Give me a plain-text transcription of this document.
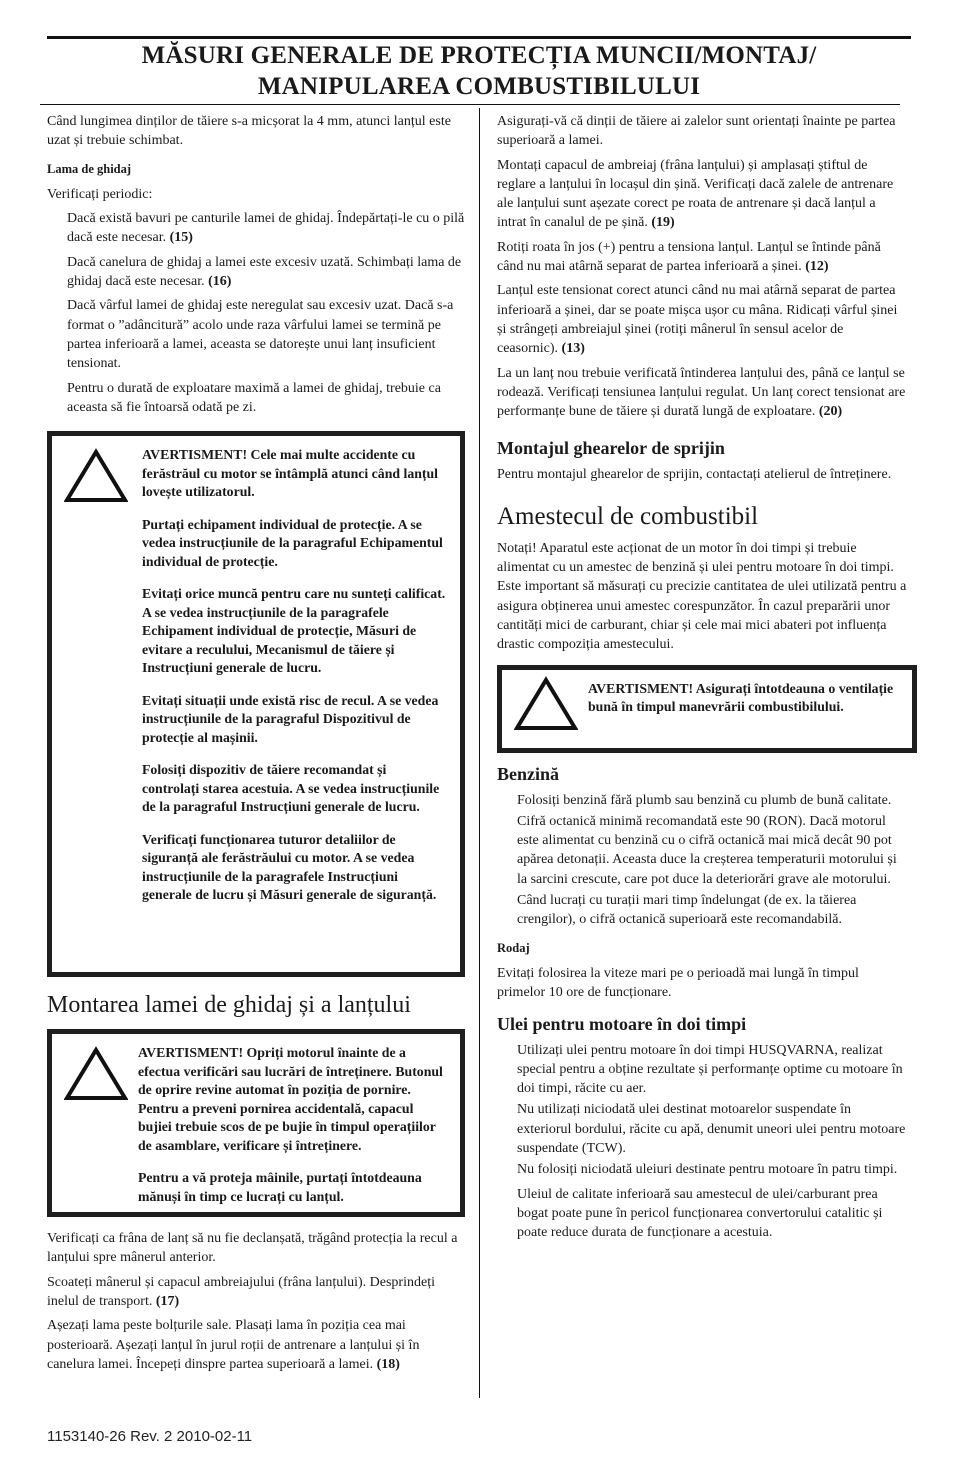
MĂSURI GENERALE DE PROTECȚIA MUNCII/MONTAJ/
MANIPULAREA COMBUSTIBILULUI

Când lungimea dinților de tăiere s-a micșorat la 4 mm, atunci lanțul este uzat și trebuie schimbat.

Lama de ghidaj

Verificați periodic:

Dacă există bavuri pe canturile lamei de ghidaj. Îndepărtați-le cu o pilă dacă este necesar. (15)

Dacă canelura de ghidaj a lamei este excesiv uzată. Schimbați lama de ghidaj dacă este necesar. (16)

Dacă vârful lamei de ghidaj este neregulat sau excesiv uzat. Dacă s-a format o ”adâncitură” acolo unde raza vârfului lamei se termină pe partea inferioară a lamei, aceasta se datorește unui lanț insuficient tensionat.

Pentru o durată de exploatare maximă a lamei de ghidaj, trebuie ca aceasta să fie întoarsă odată pe zi.

AVERTISMENT! Cele mai multe accidente cu ferăstrăul cu motor se întâmplă atunci când lanțul lovește utilizatorul.

Purtați echipament individual de protecție. A se vedea instrucțiunile de la paragraful Echipamentul individual de protecție.

Evitați orice muncă pentru care nu sunteți calificat. A se vedea instrucțiunile de la paragrafele Echipament individual de protecție, Măsuri de evitare a reculului, Mecanismul de tăiere și Instrucțiuni generale de lucru.

Evitați situații unde există risc de recul. A se vedea instrucțiunile de la paragraful Dispozitivul de protecție al mașinii.

Folosiți dispozitiv de tăiere recomandat și controlați starea acestuia. A se vedea instrucțiunile de la paragraful Instrucțiuni generale de lucru.

Verificați funcționarea tuturor detaliilor de siguranță ale ferăstrăului cu motor. A se vedea instrucțiunile de la paragrafele Instrucțiuni generale de lucru și Măsuri generale de siguranță.

Montarea lamei de ghidaj și a lanțului

AVERTISMENT! Opriți motorul înainte de a efectua verificări sau lucrări de întreținere. Butonul de oprire revine automat în poziția de pornire. Pentru a preveni pornirea accidentală, capacul bujiei trebuie scos de pe bujie în timpul operațiilor de asamblare, verificare și întreținere.

Pentru a vă proteja mâinile, purtați întotdeauna mănuși în timp ce lucrați cu lanțul.

Verificați ca frâna de lanț să nu fie declanșată, trăgând protecția la recul a lanțului spre mânerul anterior.

Scoateți mânerul și capacul ambreiajului (frâna lanțului). Desprindeți inelul de transport. (17)

Așezați lama peste bolțurile sale. Plasați lama în poziția cea mai posterioară. Așezați lanțul în jurul roții de antrenare a lanțului și în canelura lamei. Începeți dinspre partea superioară a lamei. (18)

Asigurați-vă că dinții de tăiere ai zalelor sunt orientați înainte pe partea superioară a lamei.

Montați capacul de ambreiaj (frâna lanțului) și amplasați știftul de reglare a lanțului în locașul din șină. Verificați dacă zalele de antrenare ale lanțului sunt așezate corect pe roata de antrenare și dacă lanțul a intrat în canalul de pe șină. (19)

Rotiți roata în jos (+) pentru a tensiona lanțul. Lanțul se întinde până când nu mai atârnă separat de partea inferioară a șinei. (12)

Lanțul este tensionat corect atunci când nu mai atârnă separat de partea inferioară a șinei, dar se poate mișca ușor cu mâna. Ridicați vârful șinei și strângeți ambreiajul șinei (rotiți mânerul în sensul acelor de ceasornic). (13)

La un lanț nou trebuie verificată întinderea lanțului des, până ce lanțul se rodează. Verificați tensiunea lanțului regulat. Un lanț corect tensionat are performanțe bune de tăiere și durată lungă de exploatare. (20)

Montajul ghearelor de sprijin

Pentru montajul ghearelor de sprijin, contactați atelierul de întreținere.

Amestecul de combustibil

Notați! Aparatul este acționat de un motor în doi timpi și trebuie alimentat cu un amestec de benzină și ulei pentru motoare în doi timpi. Este important să măsurați cu precizie cantitatea de ulei utilizată pentru a asigura obținerea unui amestec corespunzător. În cazul preparării unor cantități mici de carburant, chiar și cele mai mici abateri pot influența drastic compoziția amestecului.

AVERTISMENT! Asigurați întotdeauna o ventilație bună în timpul manevrării combustibilului.

Benzină

Folosiți benzină fără plumb sau benzină cu plumb de bună calitate.

Cifră octanică minimă recomandată este 90 (RON). Dacă motorul este alimentat cu benzină cu o cifră octanică mai mică decât 90 pot apărea detonații. Aceasta duce la creșterea temperaturii motorului și la sarcini crescute, care pot duce la deteriorări grave ale motorului.

Când lucrați cu turații mari timp îndelungat (de ex. la tăierea crengilor), o cifră octanică superioară este recomandabilă.

Rodaj

Evitați folosirea la viteze mari pe o perioadă mai lungă în timpul primelor 10 ore de funcționare.

Ulei pentru motoare în doi timpi

Utilizați ulei pentru motoare în doi timpi HUSQVARNA, realizat special pentru a obține rezultate și performanțe optime cu motoare în doi timpi, răcite cu aer.

Nu utilizați niciodată ulei destinat motoarelor suspendate în exteriorul bordului, răcite cu apă, denumit uneori ulei pentru motoare suspendate (TCW).

Nu folosiți niciodată uleiuri destinate pentru motoare în patru timpi.

Uleiul de calitate inferioară sau amestecul de ulei/carburant prea bogat poate pune în pericol funcționarea convertorului catalitic și poate reduce durata de funcționare a acestuia.

1153140-26 Rev. 2 2010-02-11
